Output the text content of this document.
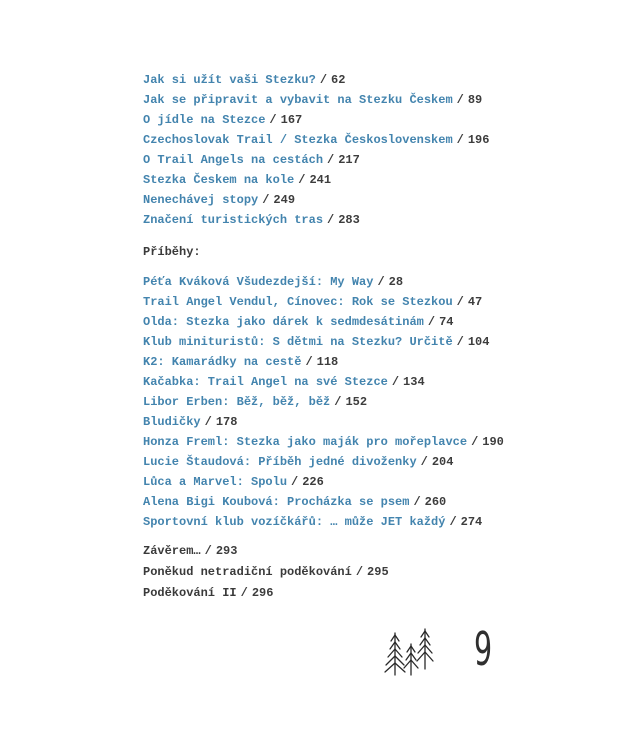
Jak si užít vaši Stezku? / 62
Jak se připravit a vybavit na Stezku Českem / 89
O jídle na Stezce / 167
Czechoslovak Trail / Stezka Československem / 196
O Trail Angels na cestách / 217
Stezka Českem na kole / 241
Nenechávej stopy / 249
Značení turistických tras / 283
Příběhy:
Péťa Kváková Všudezdejší: My Way / 28
Trail Angel Vendul, Cínovec: Rok se Stezkou / 47
Olda: Stezka jako dárek k sedmdesátinám / 74
Klub minituristů: S dětmi na Stezku? Určitě / 104
K2: Kamarádky na cestě / 118
Kačabka: Trail Angel na své Stezce / 134
Libor Erben: Běž, běž, běž / 152
Bludičky / 178
Honza Freml: Stezka jako maják pro mořeplavce / 190
Lucie Štaudová: Příběh jedné divoženky / 204
Lůca a Marvel: Spolu / 226
Alena Bigi Koubová: Procházka se psem / 260
Sportovní klub vozíčkářů: … může JET každý / 274
Závěrem… / 293
Poněkud netradiční poděkování / 295
Poděkování II / 296
9
